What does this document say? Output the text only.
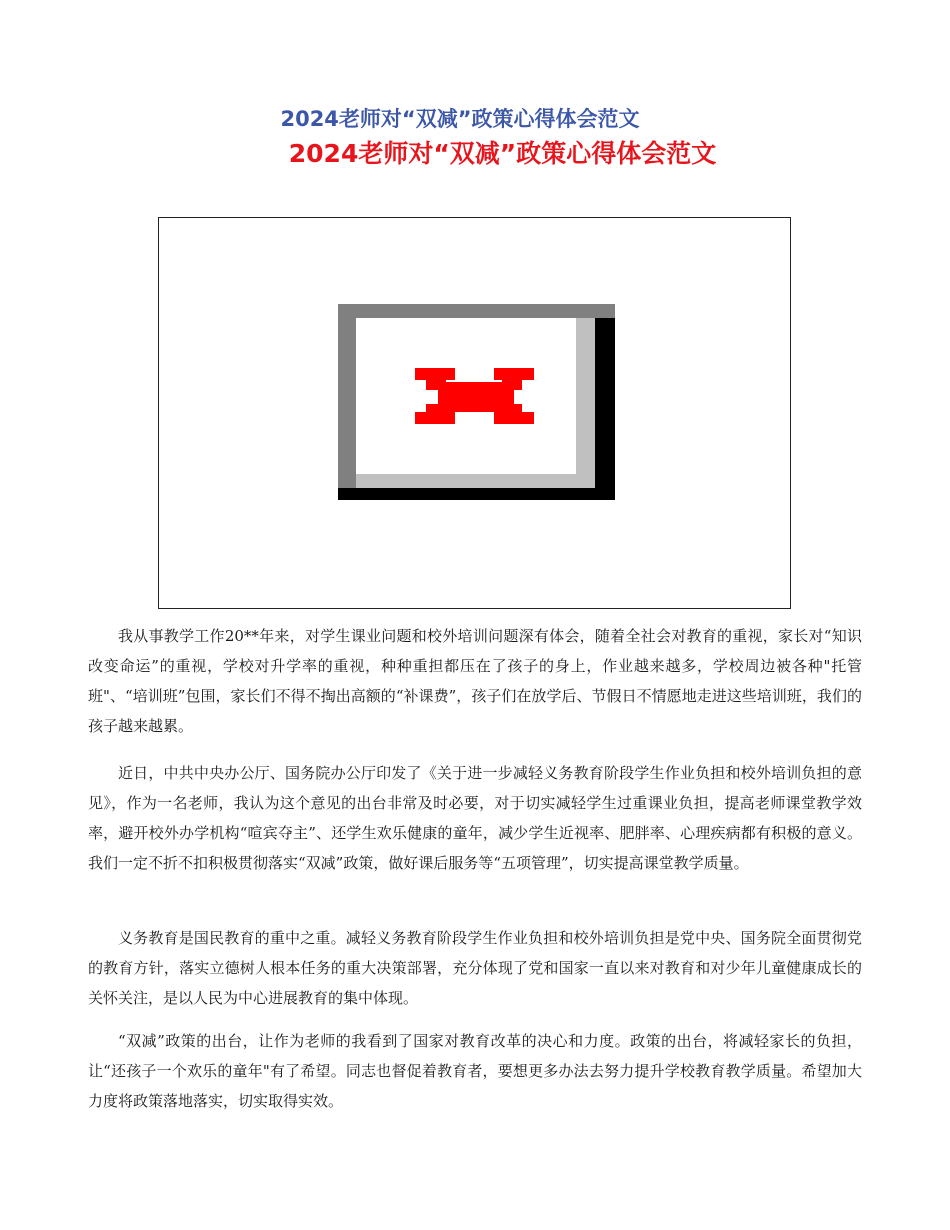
2024老师对“双减”政策心得体会范文
2024老师对“双减”政策心得体会范文

我从事教学工作20**年来，对学生课业问题和校外培训问题深有体会，随着全社会对教育的重视，家长对“知识改变命运”的重视，学校对升学率的重视，种种重担都压在了孩子的身上，作业越来越多，学校周边被各种"托管班"、“培训班”包围，家长们不得不掏出高额的“补课费”，孩子们在放学后、节假日不情愿地走进这些培训班，我们的孩子越来越累。

近日，中共中央办公厅、国务院办公厅印发了《关于进一步减轻义务教育阶段学生作业负担和校外培训负担的意见》，作为一名老师，我认为这个意见的出台非常及时必要，对于切实减轻学生过重课业负担，提高老师课堂教学效率，避开校外办学机构“喧宾夺主”、还学生欢乐健康的童年，减少学生近视率、肥胖率、心理疾病都有积极的意义。我们一定不折不扣积极贯彻落实“双减”政策，做好课后服务等“五项管理”，切实提高课堂教学质量。

义务教育是国民教育的重中之重。减轻义务教育阶段学生作业负担和校外培训负担是党中央、国务院全面贯彻党的教育方针，落实立德树人根本任务的重大决策部署，充分体现了党和国家一直以来对教育和对少年儿童健康成长的关怀关注，是以人民为中心进展教育的集中体现。

“双减”政策的出台，让作为老师的我看到了国家对教育改革的决心和力度。政策的出台，将减轻家长的负担，让“还孩子一个欢乐的童年"有了希望。同志也督促着教育者，要想更多办法去努力提升学校教育教学质量。希望加大力度将政策落地落实，切实取得实效。
